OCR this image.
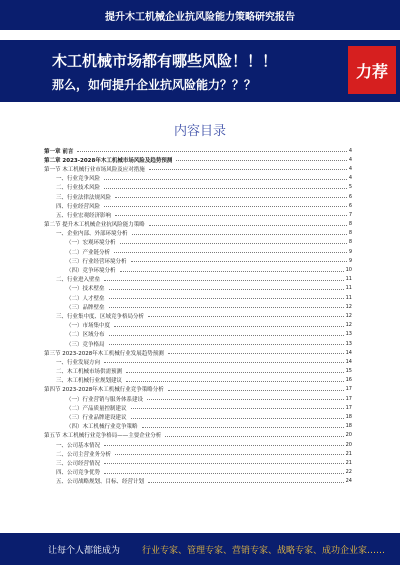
提升木工机械企业抗风险能力策略研究报告
木工机械市场都有哪些风险！！！
那么，如何提升企业抗风险能力？？？
力荐
内容目录
第一章 前言	4
第二章 2023-2028年木工机械市场风险及趋势预测	4
第一节 木工机械行业市场风险及应对措施	4
一、行业竞争风险	4
二、行业技术风险	5
三、行业法律法规风险	6
四、行业经营风险	6
五、行业宏观经济影响	7
第二节 提升木工机械企业抗风险能力策略	8
一、企业内部、外部环境分析	8
（一）宏观环境分析	8
（二）产业链分析	9
（三）行业经营环境分析	9
（四）竞争环境分析	10
二、行业进入壁垒	11
（一）技术壁垒	11
（二）人才壁垒	11
（三）品牌壁垒	12
三、行业集中度、区域竞争格局分析	12
（一）市场集中度	12
（二）区域分布	13
（三）竞争格局	13
第三节 2023-2028年木工机械行业发展趋势预测	14
一、行业发展方向	14
二、木工机械市场供需预测	15
三、木工机械行业规划建议	16
第四节 2023-2028年木工机械行业竞争策略分析	17
（一）行业营销与服务体系建设	17
（二）产品质量控制建议	17
（三）行业品牌建设建议	18
（四）木工机械行业竞争策略	18
第五节 木工机械行业竞争格局——主要企业分析	20
一、公司基本情况	20
二、公司主营业务分析	21
三、公司经营情况	21
四、公司竞争优势	22
五、公司战略规划、目标、经营计划	24
让每个人都能成为 行业专家、管理专家、营销专家、战略专家、成功企业家……
